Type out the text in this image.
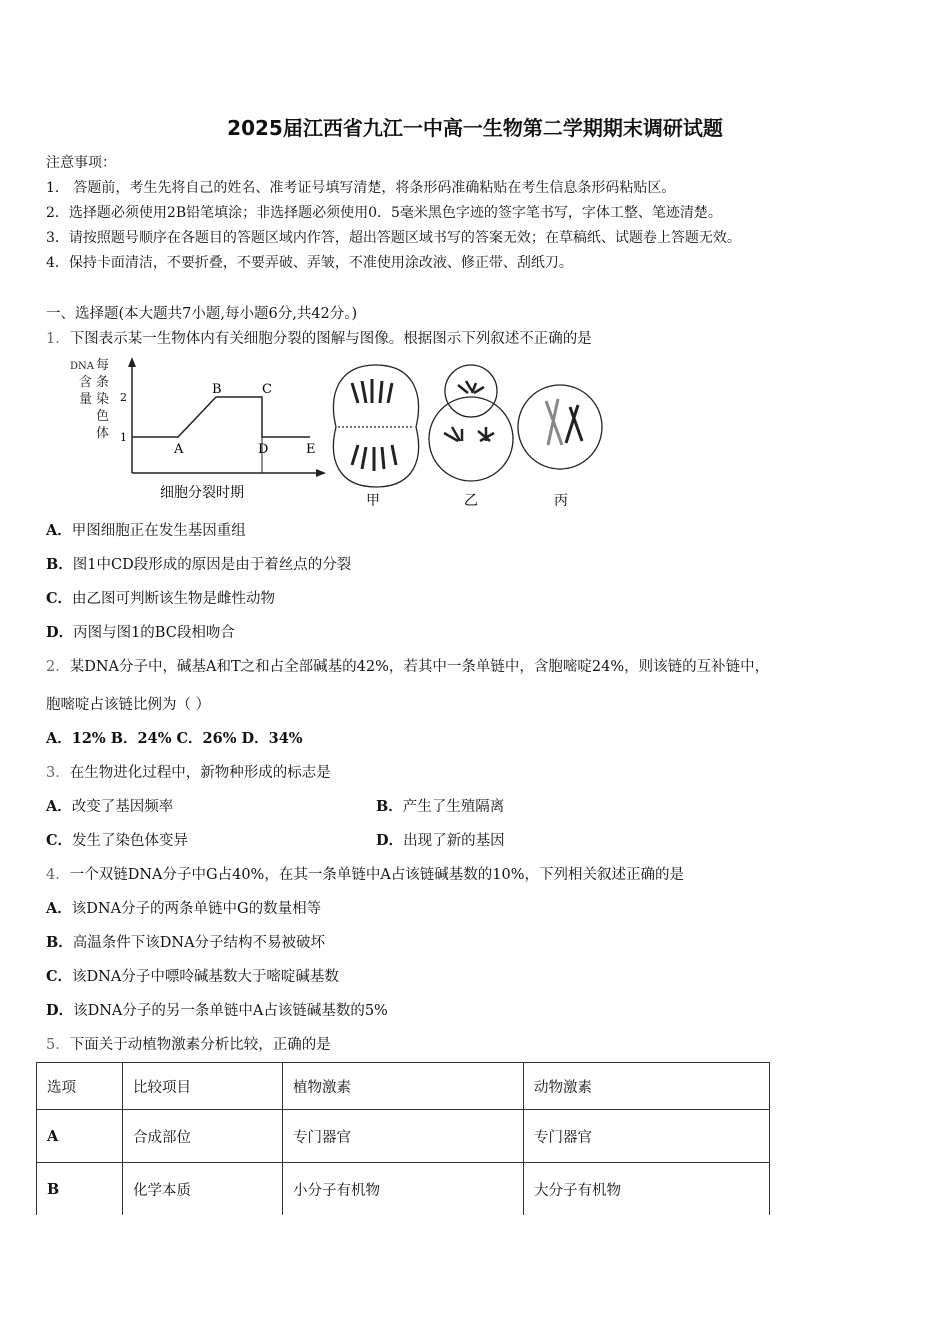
2025届江西省九江一中高一生物第二学期期末调研试题
注意事项：
1． 答题前，考生先将自己的姓名、准考证号填写清楚，将条形码准确粘贴在考生信息条形码粘贴区。
2．选择题必须使用2B铅笔填涂；非选择题必须使用0．5毫米黑色字迹的签字笔书写，字体工整、笔迹清楚。
3．请按照题号顺序在各题目的答题区域内作答，超出答题区域书写的答案无效；在草稿纸、试题卷上答题无效。
4．保持卡面清洁，不要折叠，不要弄破、弄皱，不准使用涂改液、修正带、刮纸刀。
一、选择题(本大题共7小题,每小题6分,共42分。)
1．下图表示某一生物体内有关细胞分裂的图解与图像。根据图示下列叙述不正确的是
每
条
染
色
体
DNA
含
量	2
1
A
B	C
D	E
细胞分裂时期	甲	乙	丙
A．甲图细胞正在发生基因重组
B．图1中CD段形成的原因是由于着丝点的分裂
C．由乙图可判断该生物是雌性动物
D．丙图与图1的BC段相吻合
2．某DNA分子中，碱基A和T之和占全部碱基的42%，若其中一条单链中，含胞嘧啶24%，则该链的互补链中，
胞嘧啶占该链比例为（ ）
A．12% B．24% C．26% D．34%
3．在生物进化过程中，新物种形成的标志是
A．改变了基因频率	B．产生了生殖隔离
C．发生了染色体变异	D．出现了新的基因
4．一个双链DNA分子中G占40%，在其一条单链中A占该链碱基数的10%，下列相关叙述正确的是
A．该DNA分子的两条单链中G的数量相等
B．高温条件下该DNA分子结构不易被破坏
C．该DNA分子中嘌呤碱基数大于嘧啶碱基数
D．该DNA分子的另一条单链中A占该链碱基数的5%
5．下面关于动植物激素分析比较，正确的是
选项	比较项目	植物激素	动物激素
A	合成部位	专门器官	专门器官
B	化学本质	小分子有机物	大分子有机物
